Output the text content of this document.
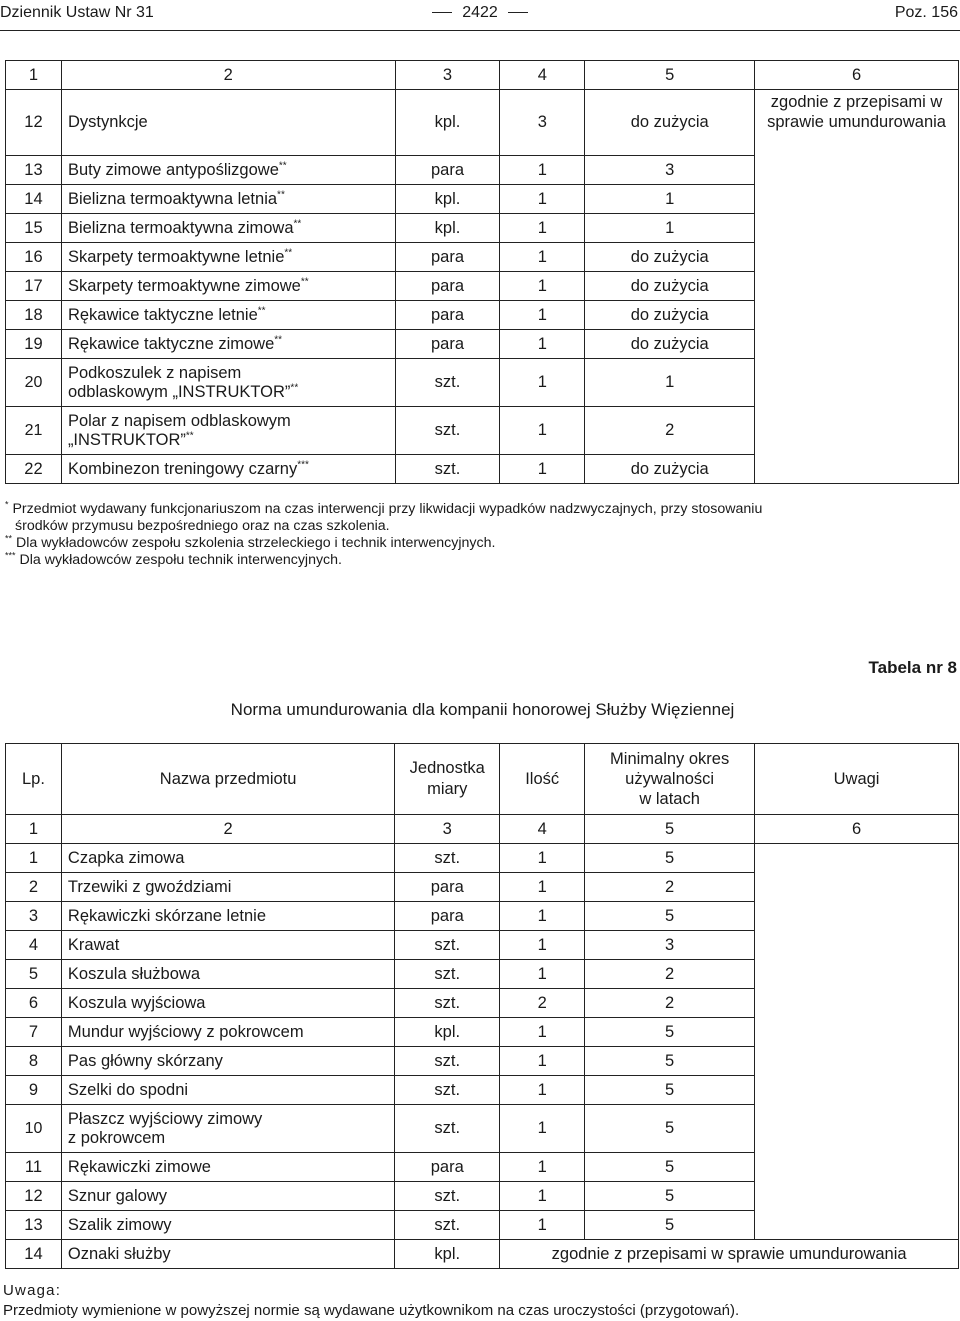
Dziennik Ustaw Nr 31	2422	Poz. 156
1	2	3	4	5	6
12	Dystynkcje	kpl.	3	do zużycia	zgodnie z przepisami w sprawie umundurowania
13	Buty zimowe antypoślizgowe**	para	1	3	
14	Bielizna termoaktywna letnia**	kpl.	1	1	
15	Bielizna termoaktywna zimowa**	kpl.	1	1	
16	Skarpety termoaktywne letnie**	para	1	do zużycia	
17	Skarpety termoaktywne zimowe**	para	1	do zużycia	
18	Rękawice taktyczne letnie**	para	1	do zużycia	
19	Rękawice taktyczne zimowe**	para	1	do zużycia	
20	Podkoszulek z napisem
odblaskowym „INSTRUKTOR”**	szt.	1	1	
21	Polar z napisem odblaskowym
„INSTRUKTOR”**	szt.	1	2	
22	Kombinezon treningowy czarny***	szt.	1	do zużycia	
* Przedmiot wydawany funkcjonariuszom na czas interwencji przy likwidacji wypadków nadzwyczajnych, przy stosowaniu
środków przymusu bezpośredniego oraz na czas szkolenia.
** Dla wykładowców zespołu szkolenia strzeleckiego i technik interwencyjnych.
*** Dla wykładowców zespołu technik interwencyjnych.
Tabela nr 8
Norma umundurowania dla kompanii honorowej Służby Więziennej
Lp.	Nazwa przedmiotu	Jednostka
miary	Ilość	Minimalny okres
używalności
w latach	Uwagi
1	2	3	4	5	6
1	Czapka zimowa	szt.	1	5	
2	Trzewiki z gwoździami	para	1	2	
3	Rękawiczki skórzane letnie	para	1	5	
4	Krawat	szt.	1	3	
5	Koszula służbowa	szt.	1	2	
6	Koszula wyjściowa	szt.	2	2	
7	Mundur wyjściowy z pokrowcem	kpl.	1	5	
8	Pas główny skórzany	szt.	1	5	
9	Szelki do spodni	szt.	1	5	
10	Płaszcz wyjściowy zimowy
z pokrowcem	szt.	1	5	
11	Rękawiczki zimowe	para	1	5	
12	Sznur galowy	szt.	1	5	
13	Szalik zimowy	szt.	1	5	
14	Oznaki służby	kpl.	zgodnie z przepisami w sprawie umundurowania		
Uwaga:
Przedmioty wymienione w powyższej normie są wydawane użytkownikom na czas uroczystości (przygotowań).
